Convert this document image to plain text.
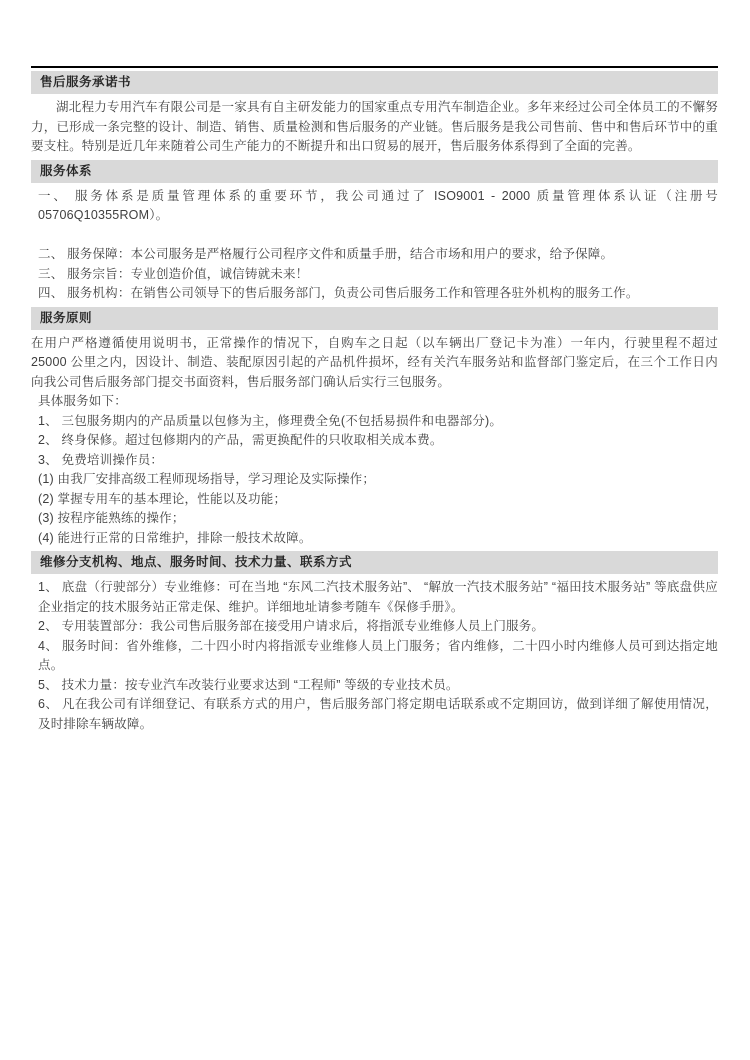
售后服务承诺书

湖北程力专用汽车有限公司是一家具有自主研发能力的国家重点专用汽车制造企业。多年来经过公司全体员工的不懈努力，已形成一条完整的设计、制造、销售、质量检测和售后服务的产业链。售后服务是我公司售前、售中和售后环节中的重要支柱。特别是近几年来随着公司生产能力的不断提升和出口贸易的展开，售后服务体系得到了全面的完善。

服务体系

一、 服务体系是质量管理体系的重要环节，我公司通过了 ISO9001 - 2000 质量管理体系认证（注册号 05706Q10355ROM）。

二、 服务保障：本公司服务是严格履行公司程序文件和质量手册，结合市场和用户的要求，给予保障。

三、 服务宗旨：专业创造价值，诚信铸就未来！

四、 服务机构：在销售公司领导下的售后服务部门，负责公司售后服务工作和管理各驻外机构的服务工作。

服务原则

在用户严格遵循使用说明书，正常操作的情况下，自购车之日起（以车辆出厂登记卡为准）一年内，行驶里程不超过 25000 公里之内，因设计、制造、装配原因引起的产品机件损坏，经有关汽车服务站和监督部门鉴定后，在三个工作日内向我公司售后服务部门提交书面资料，售后服务部门确认后实行三包服务。

具体服务如下：

1、 三包服务期内的产品质量以包修为主，修理费全免(不包括易损件和电器部分)。

2、 终身保修。超过包修期内的产品，需更换配件的只收取相关成本费。

3、 免费培训操作员：

(1) 由我厂安排高级工程师现场指导，学习理论及实际操作；

(2) 掌握专用车的基本理论，性能以及功能；

(3) 按程序能熟练的操作；

(4) 能进行正常的日常维护，排除一般技术故障。

维修分支机构、地点、服务时间、技术力量、联系方式

1、 底盘（行驶部分）专业维修：可在当地 “东风二汽技术服务站”、 “解放一汽技术服务站” “福田技术服务站” 等底盘供应企业指定的技术服务站正常走保、维护。详细地址请参考随车《保修手册》。

2、 专用装置部分：我公司售后服务部在接受用户请求后，将指派专业维修人员上门服务。

4、 服务时间：省外维修，二十四小时内将指派专业维修人员上门服务；省内维修，二十四小时内维修人员可到达指定地点。

5、 技术力量：按专业汽车改装行业要求达到 “工程师” 等级的专业技术员。

6、 凡在我公司有详细登记、有联系方式的用户，售后服务部门将定期电话联系或不定期回访，做到详细了解使用情况，及时排除车辆故障。
